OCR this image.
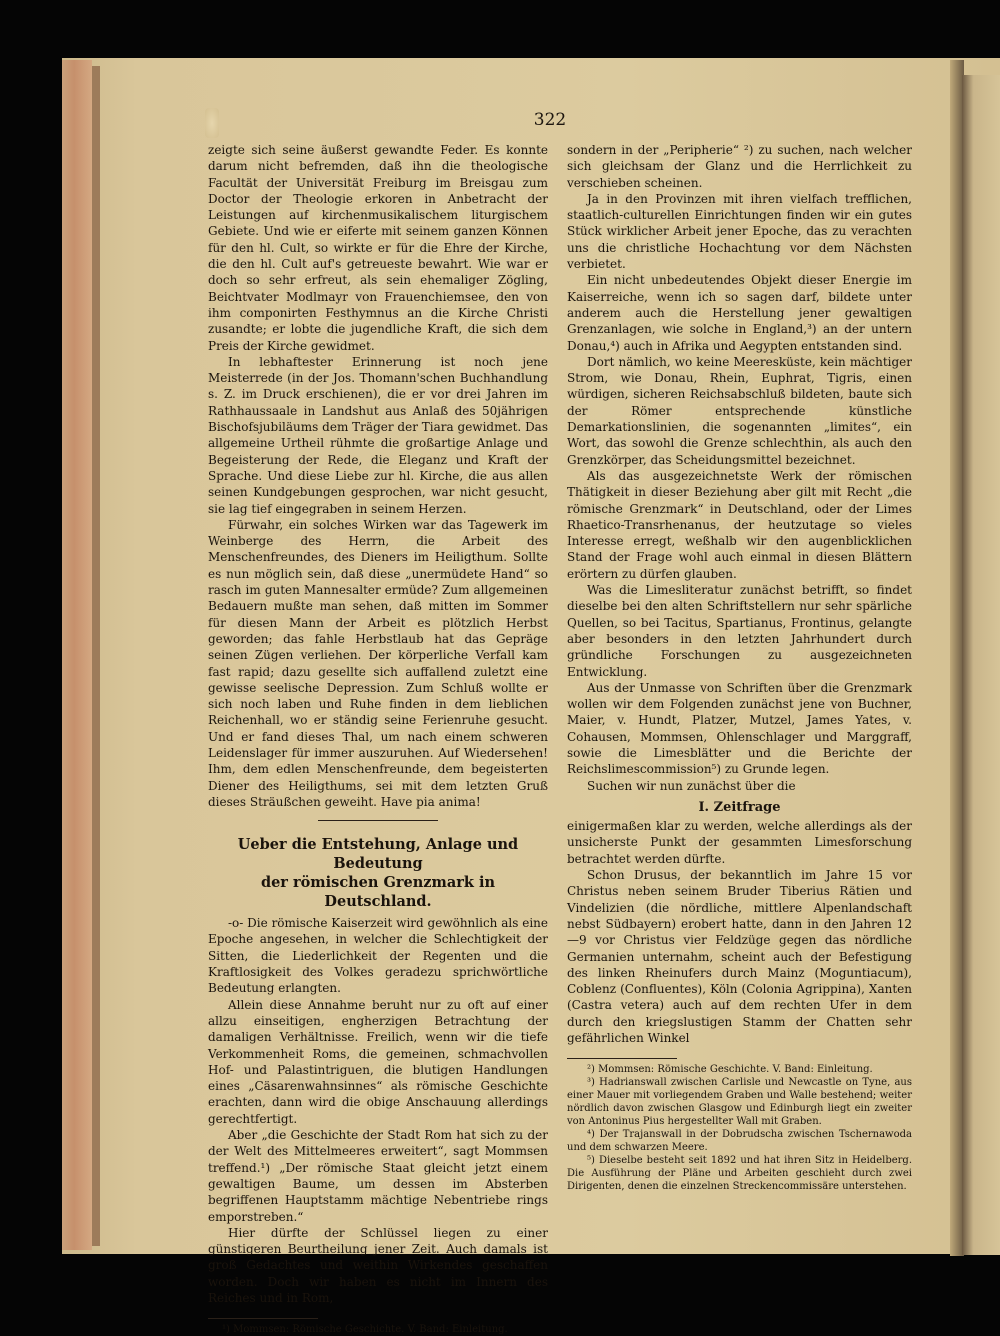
322

zeigte sich seine äußerst gewandte Feder. Es konnte darum nicht befremden, daß ihn die theologische Facultät der Universität Freiburg im Breisgau zum Doctor der Theologie erkoren in Anbetracht der Leistungen auf kirchenmusikalischem liturgischem Gebiete. Und wie er eiferte mit seinem ganzen Können für den hl. Cult, so wirkte er für die Ehre der Kirche, die den hl. Cult auf's getreueste bewahrt. Wie war er doch so sehr erfreut, als sein ehemaliger Zögling, Beichtvater Modlmayr von Frauenchiemsee, den von ihm componirten Festhymnus an die Kirche Christi zusandte; er lobte die jugendliche Kraft, die sich dem Preis der Kirche gewidmet.

In lebhaftester Erinnerung ist noch jene Meisterrede (in der Jos. Thomann'schen Buchhandlung s. Z. im Druck erschienen), die er vor drei Jahren im Rathhaussaale in Landshut aus Anlaß des 50jährigen Bischofsjubiläums dem Träger der Tiara gewidmet. Das allgemeine Urtheil rühmte die großartige Anlage und Begeisterung der Rede, die Eleganz und Kraft der Sprache. Und diese Liebe zur hl. Kirche, die aus allen seinen Kundgebungen gesprochen, war nicht gesucht, sie lag tief eingegraben in seinem Herzen.

Fürwahr, ein solches Wirken war das Tagewerk im Weinberge des Herrn, die Arbeit des Menschenfreundes, des Dieners im Heiligthum. Sollte es nun möglich sein, daß diese „unermüdete Hand“ so rasch im guten Mannesalter ermüde? Zum allgemeinen Bedauern mußte man sehen, daß mitten im Sommer für diesen Mann der Arbeit es plötzlich Herbst geworden; das fahle Herbstlaub hat das Gepräge seinen Zügen verliehen. Der körperliche Verfall kam fast rapid; dazu gesellte sich auffallend zuletzt eine gewisse seelische Depression. Zum Schluß wollte er sich noch laben und Ruhe finden in dem lieblichen Reichenhall, wo er ständig seine Ferienruhe gesucht. Und er fand dieses Thal, um nach einem schweren Leidenslager für immer auszuruhen. Auf Wiedersehen! Ihm, dem edlen Menschenfreunde, dem begeisterten Diener des Heiligthums, sei mit dem letzten Gruß dieses Sträußchen geweiht. Have pia anima!

Ueber die Entstehung, Anlage und Bedeutung
der römischen Grenzmark in Deutschland.

-o- Die römische Kaiserzeit wird gewöhnlich als eine Epoche angesehen, in welcher die Schlechtigkeit der Sitten, die Liederlichkeit der Regenten und die Kraftlosigkeit des Volkes geradezu sprichwörtliche Bedeutung erlangten.

Allein diese Annahme beruht nur zu oft auf einer allzu einseitigen, engherzigen Betrachtung der damaligen Verhältnisse. Freilich, wenn wir die tiefe Verkommenheit Roms, die gemeinen, schmachvollen Hof- und Palastintriguen, die blutigen Handlungen eines „Cäsarenwahnsinnes“ als römische Geschichte erachten, dann wird die obige Anschauung allerdings gerechtfertigt.

Aber „die Geschichte der Stadt Rom hat sich zu der der Welt des Mittelmeeres erweitert“, sagt Mommsen treffend.¹) „Der römische Staat gleicht jetzt einem gewaltigen Baume, um dessen im Absterben begriffenen Hauptstamm mächtige Nebentriebe rings emporstreben.“

Hier dürfte der Schlüssel liegen zu einer günstigeren Beurtheilung jener Zeit. Auch damals ist groß Gedachtes und weithin Wirkendes geschaffen worden. Doch wir haben es nicht im Innern des Reiches und in Rom,

¹) Mommsen: Römische Geschichte. V. Band: Einleitung.

sondern in der „Peripherie“ ²) zu suchen, nach welcher sich gleichsam der Glanz und die Herrlichkeit zu verschieben scheinen.

Ja in den Provinzen mit ihren vielfach trefflichen, staatlich-culturellen Einrichtungen finden wir ein gutes Stück wirklicher Arbeit jener Epoche, das zu verachten uns die christliche Hochachtung vor dem Nächsten verbietet.

Ein nicht unbedeutendes Objekt dieser Energie im Kaiserreiche, wenn ich so sagen darf, bildete unter anderem auch die Herstellung jener gewaltigen Grenzanlagen, wie solche in England,³) an der untern Donau,⁴) auch in Afrika und Aegypten entstanden sind.

Dort nämlich, wo keine Meeresküste, kein mächtiger Strom, wie Donau, Rhein, Euphrat, Tigris, einen würdigen, sicheren Reichsabschluß bildeten, baute sich der Römer entsprechende künstliche Demarkationslinien, die sogenannten „limites“, ein Wort, das sowohl die Grenze schlechthin, als auch den Grenzkörper, das Scheidungsmittel bezeichnet.

Als das ausgezeichnetste Werk der römischen Thätigkeit in dieser Beziehung aber gilt mit Recht „die römische Grenzmark“ in Deutschland, oder der Limes Rhaetico-Transrhenanus, der heutzutage so vieles Interesse erregt, weßhalb wir den augenblicklichen Stand der Frage wohl auch einmal in diesen Blättern erörtern zu dürfen glauben.

Was die Limesliteratur zunächst betrifft, so findet dieselbe bei den alten Schriftstellern nur sehr spärliche Quellen, so bei Tacitus, Spartianus, Frontinus, gelangte aber besonders in den letzten Jahrhundert durch gründliche Forschungen zu ausgezeichneten Entwicklung.

Aus der Unmasse von Schriften über die Grenzmark wollen wir dem Folgenden zunächst jene von Buchner, Maier, v. Hundt, Platzer, Mutzel, James Yates, v. Cohausen, Mommsen, Ohlenschlager und Marggraff, sowie die Limesblätter und die Berichte der Reichslimescommission⁵) zu Grunde legen.

Suchen wir nun zunächst über die

I. Zeitfrage

einigermaßen klar zu werden, welche allerdings als der unsicherste Punkt der gesammten Limesforschung betrachtet werden dürfte.

Schon Drusus, der bekanntlich im Jahre 15 vor Christus neben seinem Bruder Tiberius Rätien und Vindelizien (die nördliche, mittlere Alpenlandschaft nebst Südbayern) erobert hatte, dann in den Jahren 12—9 vor Christus vier Feldzüge gegen das nördliche Germanien unternahm, scheint auch der Befestigung des linken Rheinufers durch Mainz (Moguntiacum), Coblenz (Confluentes), Köln (Colonia Agrippina), Xanten (Castra vetera) auch auf dem rechten Ufer in dem durch den kriegslustigen Stamm der Chatten sehr gefährlichen Winkel

²) Mommsen: Römische Geschichte. V. Band: Einleitung.

³) Hadrianswall zwischen Carlisle und Newcastle on Tyne, aus einer Mauer mit vorliegendem Graben und Walle bestehend; weiter nördlich davon zwischen Glasgow und Edinburgh liegt ein zweiter von Antoninus Pius hergestellter Wall mit Graben.

⁴) Der Trajanswall in der Dobrudscha zwischen Tschernawoda und dem schwarzen Meere.

⁵) Dieselbe besteht seit 1892 und hat ihren Sitz in Heidelberg. Die Ausführung der Pläne und Arbeiten geschieht durch zwei Dirigenten, denen die einzelnen Streckencommissäre unterstehen.
